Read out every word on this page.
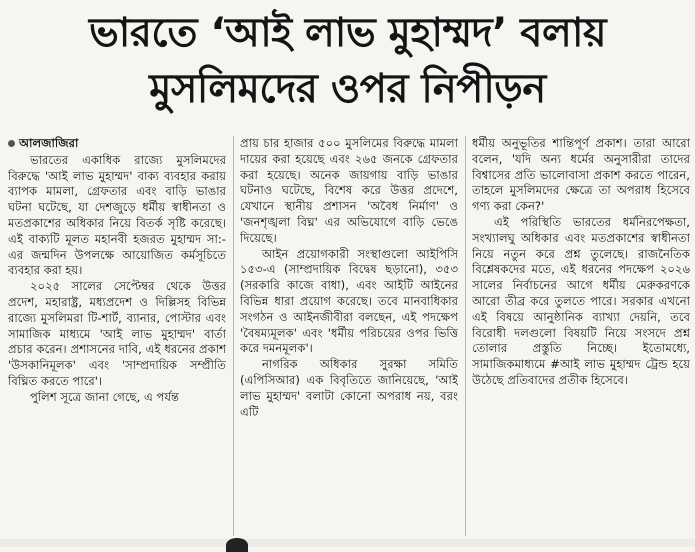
ভারতে ‘আই লাভ মুহাম্মদ’ বলায়
মুসলিমদের ওপর নিপীড়ন
আলজাজিরা

ভারতের একাধিক রাজ্যে মুসলিমদের বিরুদ্ধে 'আই লাভ মুহাম্মদ' বাক্য ব্যবহার করায় ব্যাপক মামলা, গ্রেফতার এবং বাড়ি ভাঙার ঘটনা ঘটেছে, যা দেশজুড়ে ধর্মীয় স্বাধীনতা ও মতপ্রকাশের অধিকার নিয়ে বিতর্ক সৃষ্টি করেছে। এই বাক্যটি মূলত মহানবী হজরত মুহাম্মদ সা:-এর জন্মদিন উপলক্ষে আয়োজিত কর্মসূচিতে ব্যবহার করা হয়।

২০২৫ সালের সেপ্টেম্বর থেকে উত্তর প্রদেশ, মহারাষ্ট্র, মধ্যপ্রদেশ ও দিল্লিসহ বিভিন্ন রাজ্যে মুসলিমরা টি-শার্ট, ব্যানার, পোস্টার এবং সামাজিক মাধ্যমে 'আই লাভ মুহাম্মদ' বার্তা প্রচার করেন। প্রশাসনের দাবি, এই ধরনের প্রকাশ 'উসকানিমূলক' এবং 'সাম্প্রদায়িক সম্প্রীতি বিঘ্নিত করতে পারে'।

পুলিশ সূত্রে জানা গেছে, এ পর্যন্ত

প্রায় চার হাজার ৫০০ মুসলিমের বিরুদ্ধে মামলা দায়ের করা হয়েছে এবং ২৬৫ জনকে গ্রেফতার করা হয়েছে। অনেক জায়গায় বাড়ি ভাঙার ঘটনাও ঘটেছে, বিশেষ করে উত্তর প্রদেশে, যেখানে স্থানীয় প্রশাসন 'অবৈধ নির্মাণ' ও 'জনশৃঙ্খলা বিঘ্ন' এর অভিযোগে বাড়ি ভেঙে দিয়েছে।

আইন প্রয়োগকারী সংস্থাগুলো আইপিসি ১৫৩-এ (সাম্প্রদায়িক বিদ্বেষ ছড়ানো), ৩৫৩ (সরকারি কাজে বাধা), এবং আইটি আইনের বিভিন্ন ধারা প্রয়োগ করেছে। তবে মানবাধিকার সংগঠন ও আইনজীবীরা বলছেন, এই পদক্ষেপ 'বৈষম্যমূলক' এবং 'ধর্মীয় পরিচয়ের ওপর ভিত্তি করে দমনমূলক'।

নাগরিক অধিকার সুরক্ষা সমিতি (এপিসিআর) এক বিবৃতিতে জানিয়েছে, 'আই লাভ মুহাম্মদ' বলাটা কোনো অপরাধ নয়, বরং এটি

ধর্মীয় অনুভূতির শান্তিপূর্ণ প্রকাশ। তারা আরো বলেন, 'যদি অন্য ধর্মের অনুসারীরা তাদের বিশ্বাসের প্রতি ভালোবাসা প্রকাশ করতে পারেন, তাহলে মুসলিমদের ক্ষেত্রে তা অপরাধ হিসেবে গণ্য করা কেন?'

এই পরিস্থিতি ভারতের ধর্মনিরপেক্ষতা, সংখ্যালঘু অধিকার এবং মতপ্রকাশের স্বাধীনতা নিয়ে নতুন করে প্রশ্ন তুলেছে। রাজনৈতিক বিশ্লেষকদের মতে, এই ধরনের পদক্ষেপ ২০২৬ সালের নির্বাচনের আগে ধর্মীয় মেরুকরণকে আরো তীব্র করে তুলতে পারে। সরকার এখনো এই বিষয়ে আনুষ্ঠানিক ব্যাখ্যা দেয়নি, তবে বিরোধী দলগুলো বিষয়টি নিয়ে সংসদে প্রশ্ন তোলার প্রস্তুতি নিচ্ছে। ইতোমধ্যে, সামাজিকমাধ্যমে #আই লাভ মুহাম্মদ ট্রেন্ড হয়ে উঠেছে প্রতিবাদের প্রতীক হিসেবে।
